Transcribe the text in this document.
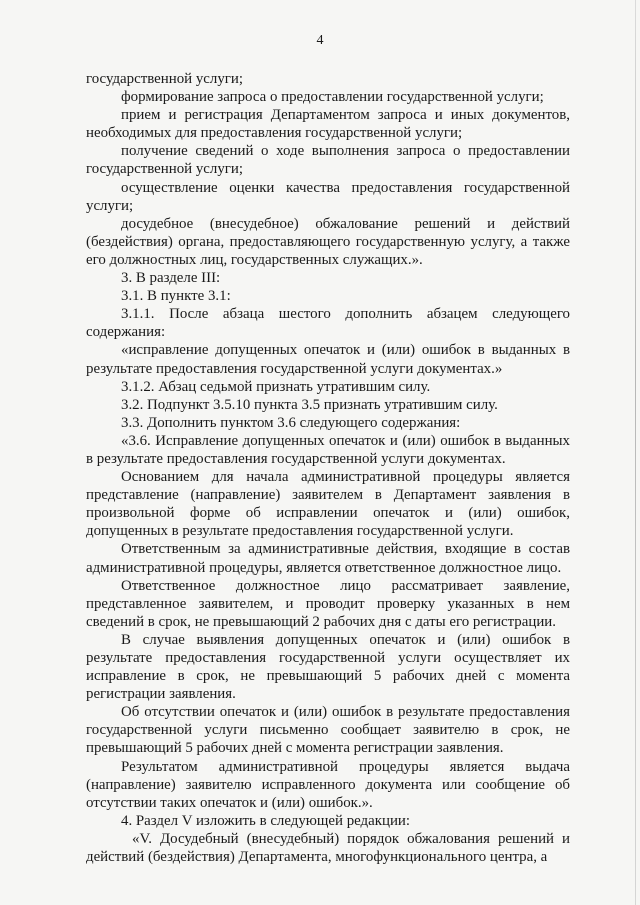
4

государственной услуги;

формирование запроса о предоставлении государственной услуги;

прием и регистрация Департаментом запроса и иных документов, необходимых для предоставления государственной услуги;

получение сведений о ходе выполнения запроса о предоставлении государственной услуги;

осуществление оценки качества предоставления государственной услуги;

досудебное (внесудебное) обжалование решений и действий (бездействия) органа, предоставляющего государственную услугу, а также его должностных лиц, государственных служащих.».

3. В разделе III:

3.1. В пункте 3.1:

3.1.1. После абзаца шестого дополнить абзацем следующего содержания:

«исправление допущенных опечаток и (или) ошибок в выданных в результате предоставления государственной услуги документах.»

3.1.2. Абзац седьмой признать утратившим силу.

3.2. Подпункт 3.5.10 пункта 3.5 признать утратившим силу.

3.3. Дополнить пунктом 3.6 следующего содержания:

«3.6. Исправление допущенных опечаток и (или) ошибок в выданных в результате предоставления государственной услуги документах.

Основанием для начала административной процедуры является представление (направление) заявителем в Департамент заявления в произвольной форме об исправлении опечаток и (или) ошибок, допущенных в результате предоставления государственной услуги.

Ответственным за административные действия, входящие в состав административной процедуры, является ответственное должностное лицо.

Ответственное должностное лицо рассматривает заявление, представленное заявителем, и проводит проверку указанных в нем сведений в срок, не превышающий 2 рабочих дня с даты его регистрации.

В случае выявления допущенных опечаток и (или) ошибок в результате предоставления государственной услуги осуществляет их исправление в срок, не превышающий 5 рабочих дней с момента регистрации заявления.

Об отсутствии опечаток и (или) ошибок в результате предоставления государственной услуги письменно сообщает заявителю в срок, не превышающий 5 рабочих дней с момента регистрации заявления.

Результатом административной процедуры является выдача (направление) заявителю исправленного документа или сообщение об отсутствии таких опечаток и (или) ошибок.».

4. Раздел V изложить в следующей редакции:

«V. Досудебный (внесудебный) порядок обжалования решений и действий (бездействия) Департамента, многофункционального центра, а
